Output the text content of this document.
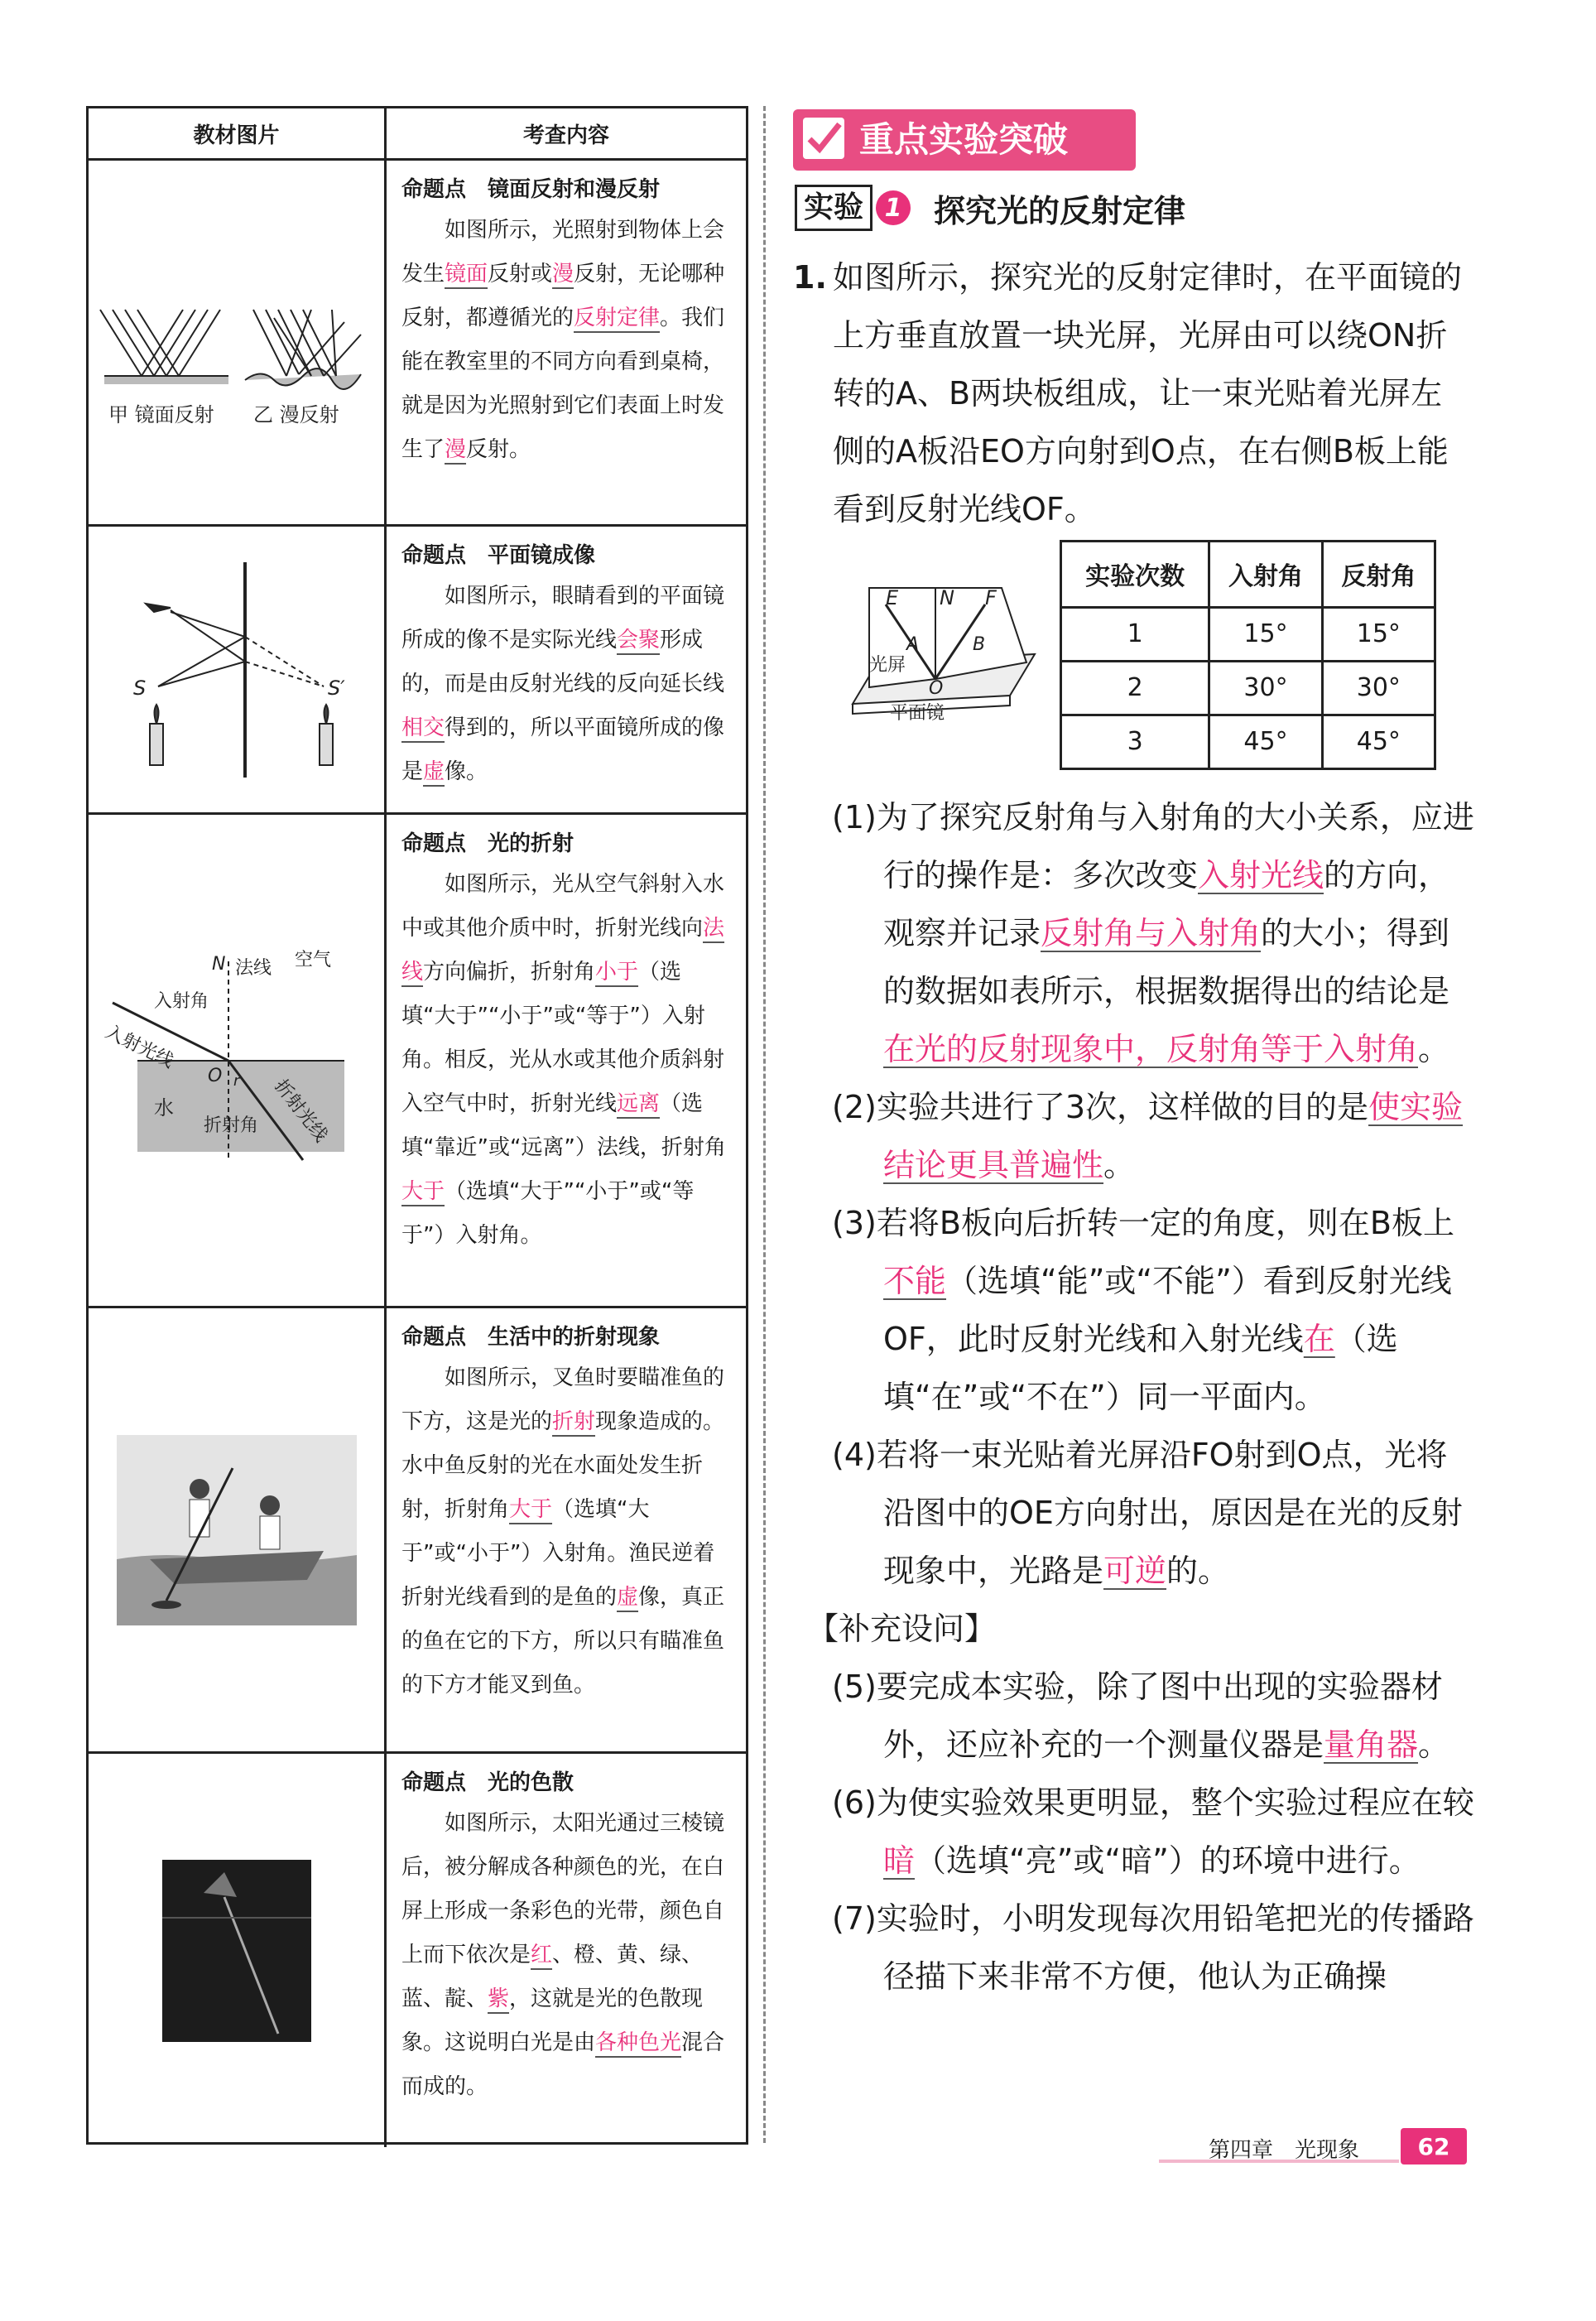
教材图片	考查内容
甲 镜面反射 乙 漫反射
命题点　镜面反射和漫反射
如图所示，光照射到物体上会发生镜面反射或漫反射，无论哪种反射，都遵循光的反射定律。我们能在教室里的不同方向看到桌椅，就是因为光照射到它们表面上时发生了漫反射。
S	S′
命题点　平面镜成像
如图所示，眼睛看到的平面镜所成的像不是实际光线会聚形成的，而是由反射光线的反向延长线相交得到的，所以平面镜所成的像是虚像。
N 法线 空气
入射角
入射光线
O r
水
折射角 折射光线
命题点　光的折射
如图所示，光从空气斜射入水中或其他介质中时，折射光线向法线方向偏折，折射角小于（选填“大于”“小于”或“等于”）入射角。相反，光从水或其他介质斜射入空气中时，折射光线远离（选填“靠近”或“远离”）法线，折射角大于（选填“大于”“小于”或“等于”）入射角。
命题点　生活中的折射现象
如图所示，叉鱼时要瞄准鱼的下方，这是光的折射现象造成的。水中鱼反射的光在水面处发生折射，折射角大于（选填“大于”或“小于”）入射角。渔民逆着折射光线看到的是鱼的虚像，真正的鱼在它的下方，所以只有瞄准鱼的下方才能叉到鱼。
命题点　光的色散
如图所示，太阳光通过三棱镜后，被分解成各种颜色的光，在白屏上形成一条彩色的光带，颜色自上而下依次是红、橙、黄、绿、蓝、靛、紫，这就是光的色散现象。这说明白光是由各种色光混合而成的。
重点实验突破
实验 1 探究光的反射定律
1. 如图所示，探究光的反射定律时，在平面镜的上方垂直放置一块光屏，光屏由可以绕ON折转的A、B两块板组成，让一束光贴着光屏左侧的A板沿EO方向射到O点，在右侧B板上能看到反射光线OF。
E N F
A	B
光屏
O
平面镜
实验次数	入射角	反射角
1	15°	15°
2	30°	30°
3	45°	45°
(1)为了探究反射角与入射角的大小关系，应进行的操作是：多次改变入射光线的方向，观察并记录反射角与入射角的大小；得到的数据如表所示，根据数据得出的结论是在光的反射现象中，反射角等于入射角。
(2)实验共进行了3次，这样做的目的是使实验结论更具普遍性。
(3)若将B板向后折转一定的角度，则在B板上不能（选填“能”或“不能”）看到反射光线OF，此时反射光线和入射光线在（选填“在”或“不在”）同一平面内。
(4)若将一束光贴着光屏沿FO射到O点，光将沿图中的OE方向射出，原因是在光的反射现象中，光路是可逆的。
【补充设问】
(5)要完成本实验，除了图中出现的实验器材外，还应补充的一个测量仪器是量角器。
(6)为使实验效果更明显，整个实验过程应在较暗（选填“亮”或“暗”）的环境中进行。
(7)实验时，小明发现每次用铅笔把光的传播路径描下来非常不方便，他认为正确操
第四章　光现象	62
